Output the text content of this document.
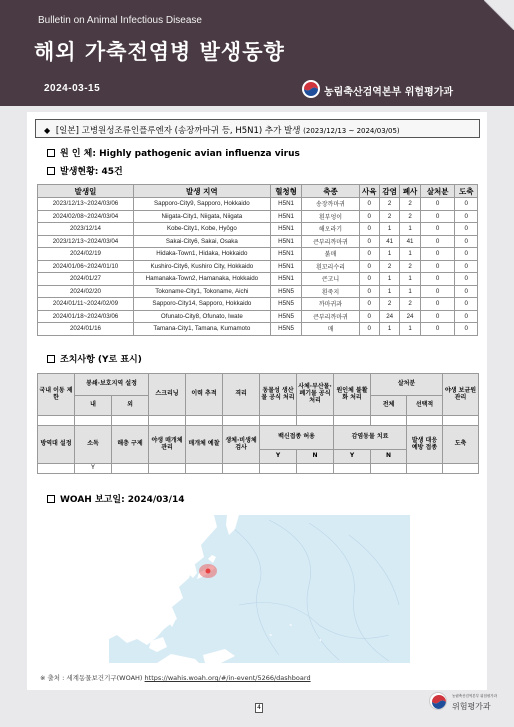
Bulletin on Animal Infectious Disease
해외 가축전염병 발생동향
2024-03-15	농림축산검역본부 위험평가과
◆ [일본] 고병원성조류인플루엔자 (송장까마귀 등, H5N1) 추가 발생 (2023/12/13 ~ 2024/03/05)
원 인 체: Highly pathogenic avian influenza virus
발생현황: 45건
발생일	발생 지역	혈청형	축종	사육	감염	폐사	살처분	도축
2023/12/13~2024/03/06	Sapporo-City9, Sapporo, Hokkaido	H5N1	송장까마귀	0	2	2	0	0
2024/02/08~2024/03/04	Niigata-City1, Niigata, Niigata	H5N1	흰부엉이	0	2	2	0	0
2023/12/14	Kobe-City1, Kobe, Hyōgo	H5N1	해오라기	0	1	1	0	0
2023/12/13~2024/03/04	Sakai-City6, Sakai, Osaka	H5N1	큰부리까마귀	0	41	41	0	0
2024/02/19	Hidaka-Town1, Hidaka, Hokkaido	H5N1	붉매	0	1	1	0	0
2024/01/06~2024/01/10	Kushiro-City6, Kushiro City, Hokkaido	H5N1	흰꼬리수리	0	2	2	0	0
2024/01/27	Hamanaka-Town2, Hamanaka, Hokkaido	H5N1	큰고니	0	1	1	0	0
2024/02/20	Tokoname-City1, Tokoname, Aichi	H5N5	흰죽지	0	1	1	0	0
2024/01/11~2024/02/09	Sapporo-City14, Sapporo, Hokkaido	H5N5	까마귀과	0	2	2	0	0
2024/01/18~2024/03/06	Ofunato-City8, Ofunato, Iwate	H5N5	큰부리까마귀	0	24	24	0	0
2024/01/16	Tamana-City1, Tamana, Kumamoto	H5N5	매	0	1	1	0	0
조치사항 (Y로 표시)
국내 이동 제한	봉쇄·보호지역 설정		스크리닝	이력 추적	격리	동물성 생산물 공식 처리	사체·부산물·폐기물 공식 처리	원인체 불활화 처리	살처분		야생 보균원 관리
	내	외							전체	선택적	

방역대 설정	소독	해충 구제	야생 매개체 관리	매개체 예찰	생체·비생체 검사	백신접종 허용		감염동물 치료		발생 대응 예방 접종	도축
						Y	N	Y	N		
	Y										
WOAH 보고일: 2024/03/14
※ 출처 : 세계동물보건기구(WOAH) https://wahis.woah.org/#/in-event/5266/dashboard
4
농림축산검역본부 위험평가과
위험평가과
